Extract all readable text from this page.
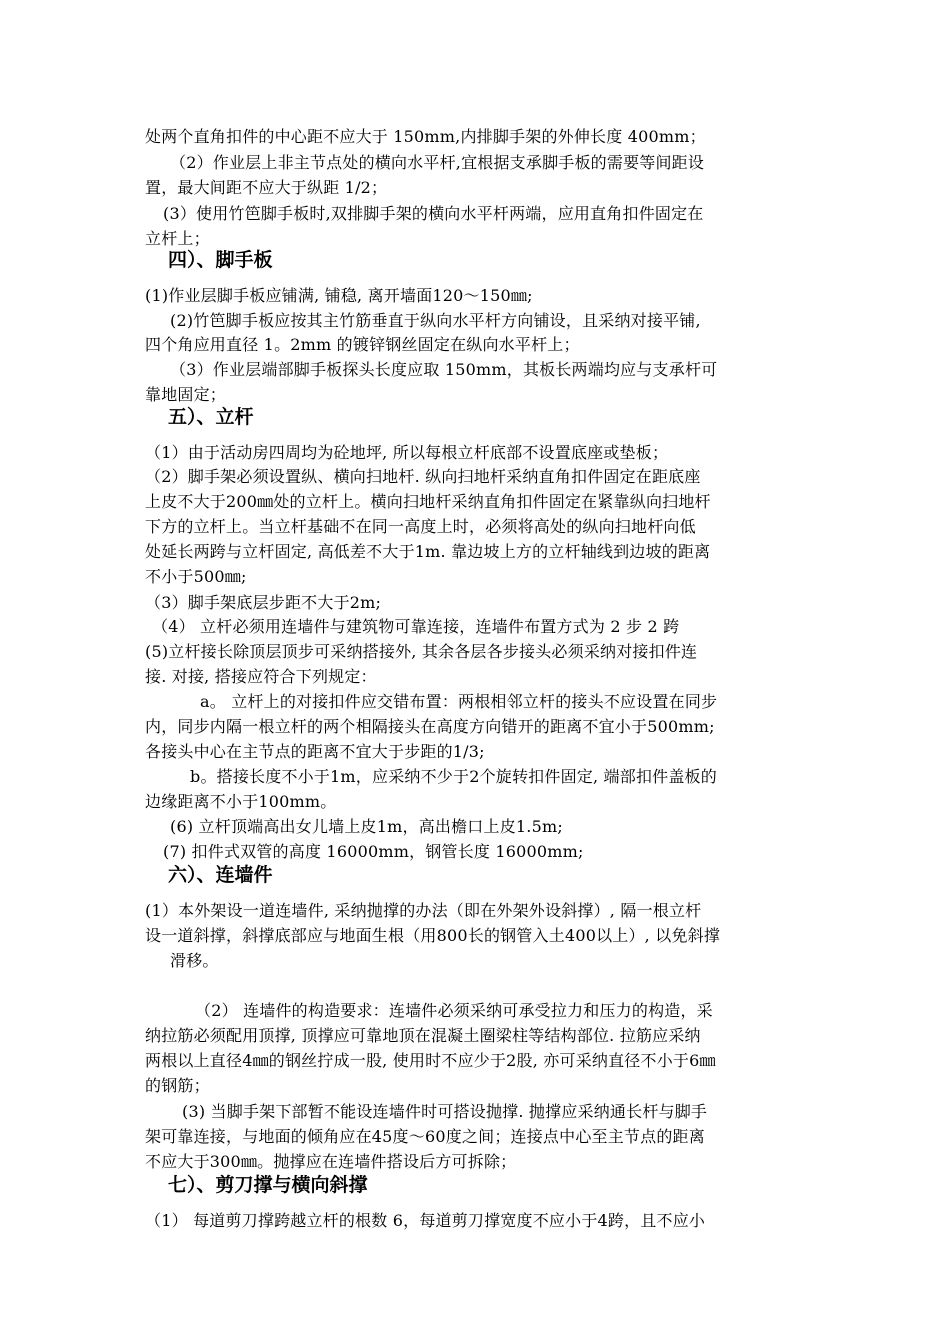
处两个直角扣件的中心距不应大于 150mm,内排脚手架的外伸长度 400mm；
（2）作业层上非主节点处的横向水平杆,宜根据支承脚手板的需要等间距设
置，最大间距不应大于纵距 1/2；
(3）使用竹笆脚手板时,双排脚手架的横向水平杆两端，应用直角扣件固定在
立杆上；
四）、脚手板
(1)作业层脚手板应铺满, 铺稳, 离开墙面120～150㎜;
(2)竹笆脚手板应按其主竹筋垂直于纵向水平杆方向铺设，且采纳对接平铺,
四个角应用直径 1。2mm 的镀锌钢丝固定在纵向水平杆上；
（3）作业层端部脚手板探头长度应取 150mm，其板长两端均应与支承杆可
靠地固定；
五）、立杆
（1）由于活动房四周均为砼地坪, 所以每根立杆底部不设置底座或垫板；
（2）脚手架必须设置纵、横向扫地杆. 纵向扫地杆采纳直角扣件固定在距底座
上皮不大于200㎜处的立杆上。横向扫地杆采纳直角扣件固定在紧靠纵向扫地杆
下方的立杆上。当立杆基础不在同一高度上时，必须将高处的纵向扫地杆向低
处延长两跨与立杆固定, 高低差不大于1m. 靠边坡上方的立杆轴线到边坡的距离
不小于500㎜;
（3）脚手架底层步距不大于2m;
（4） 立杆必须用连墙件与建筑物可靠连接，连墙件布置方式为 2 步 2 跨
(5)立杆接长除顶层顶步可采纳搭接外, 其余各层各步接头必须采纳对接扣件连
接. 对接, 搭接应符合下列规定：
a。 立杆上的对接扣件应交错布置：两根相邻立杆的接头不应设置在同步
内，同步内隔一根立杆的两个相隔接头在高度方向错开的距离不宜小于500mm;
各接头中心在主节点的距离不宜大于步距的1/3;
b。搭接长度不小于1m，应采纳不少于2个旋转扣件固定, 端部扣件盖板的
边缘距离不小于100mm。
(6) 立杆顶端高出女儿墙上皮1m，高出檐口上皮1.5m;
(7) 扣件式双管的高度 16000mm，钢管长度 16000mm;
六）、连墙件
(1）本外架设一道连墙件, 采纳抛撑的办法（即在外架外设斜撑）, 隔一根立杆
设一道斜撑，斜撑底部应与地面生根（用800长的钢管入土400以上）, 以免斜撑
滑移。
（2） 连墙件的构造要求：连墙件必须采纳可承受拉力和压力的构造，采
纳拉筋必须配用顶撑, 顶撑应可靠地顶在混凝土圈梁柱等结构部位. 拉筋应采纳
两根以上直径4㎜的钢丝拧成一股, 使用时不应少于2股, 亦可采纳直径不小于6㎜
的钢筋；
(3) 当脚手架下部暂不能设连墙件时可搭设抛撑. 抛撑应采纳通长杆与脚手
架可靠连接，与地面的倾角应在45度～60度之间；连接点中心至主节点的距离
不应大于300㎜。抛撑应在连墙件搭设后方可拆除；
七）、剪刀撑与横向斜撑
（1） 每道剪刀撑跨越立杆的根数 6，每道剪刀撑宽度不应小于4跨，且不应小
